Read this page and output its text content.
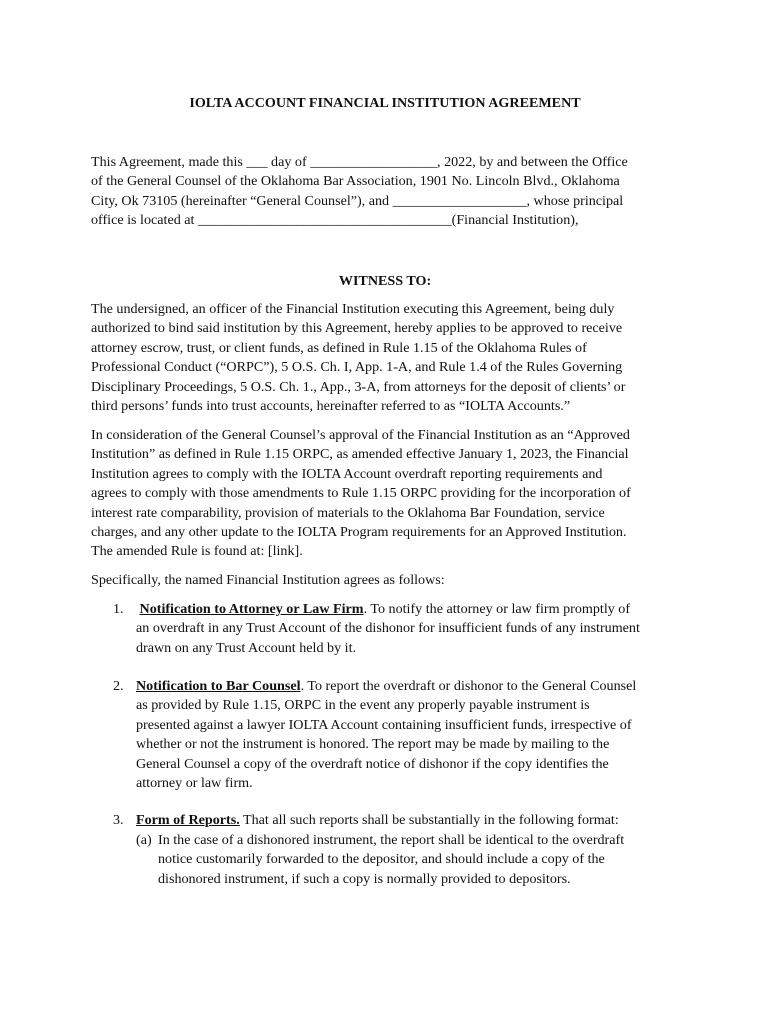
IOLTA ACCOUNT FINANCIAL INSTITUTION AGREEMENT
This Agreement, made this ___ day of __________________, 2022, by and between the Office
of the General Counsel of the Oklahoma Bar Association, 1901 No. Lincoln Blvd., Oklahoma
City, Ok 73105 (hereinafter “General Counsel”), and ___________________, whose principal
office is located at ____________________________________(Financial Institution),
WITNESS TO:
The undersigned, an officer of the Financial Institution executing this Agreement, being duly
authorized to bind said institution by this Agreement, hereby applies to be approved to receive
attorney escrow, trust, or client funds, as defined in Rule 1.15 of the Oklahoma Rules of
Professional Conduct (“ORPC”), 5 O.S. Ch. I, App. 1-A, and Rule 1.4 of the Rules Governing
Disciplinary Proceedings, 5 O.S. Ch. 1., App., 3-A, from attorneys for the deposit of clients’ or
third persons’ funds into trust accounts, hereinafter referred to as “IOLTA Accounts.”
In consideration of the General Counsel’s approval of the Financial Institution as an “Approved
Institution” as defined in Rule 1.15 ORPC, as amended effective January 1, 2023, the Financial
Institution agrees to comply with the IOLTA Account overdraft reporting requirements and
agrees to comply with those amendments to Rule 1.15 ORPC providing for the incorporation of
interest rate comparability, provision of materials to the Oklahoma Bar Foundation, service
charges, and any other update to the IOLTA Program requirements for an Approved Institution.
The amended Rule is found at: [link].
Specifically, the named Financial Institution agrees as follows:
1. Notification to Attorney or Law Firm. To notify the attorney or law firm promptly of
an overdraft in any Trust Account of the dishonor for insufficient funds of any instrument
drawn on any Trust Account held by it.
2. Notification to Bar Counsel. To report the overdraft or dishonor to the General Counsel
as provided by Rule 1.15, ORPC in the event any properly payable instrument is
presented against a lawyer IOLTA Account containing insufficient funds, irrespective of
whether or not the instrument is honored. The report may be made by mailing to the
General Counsel a copy of the overdraft notice of dishonor if the copy identifies the
attorney or law firm.
3. Form of Reports. That all such reports shall be substantially in the following format:
(a) In the case of a dishonored instrument, the report shall be identical to the overdraft
notice customarily forwarded to the depositor, and should include a copy of the
dishonored instrument, if such a copy is normally provided to depositors.
